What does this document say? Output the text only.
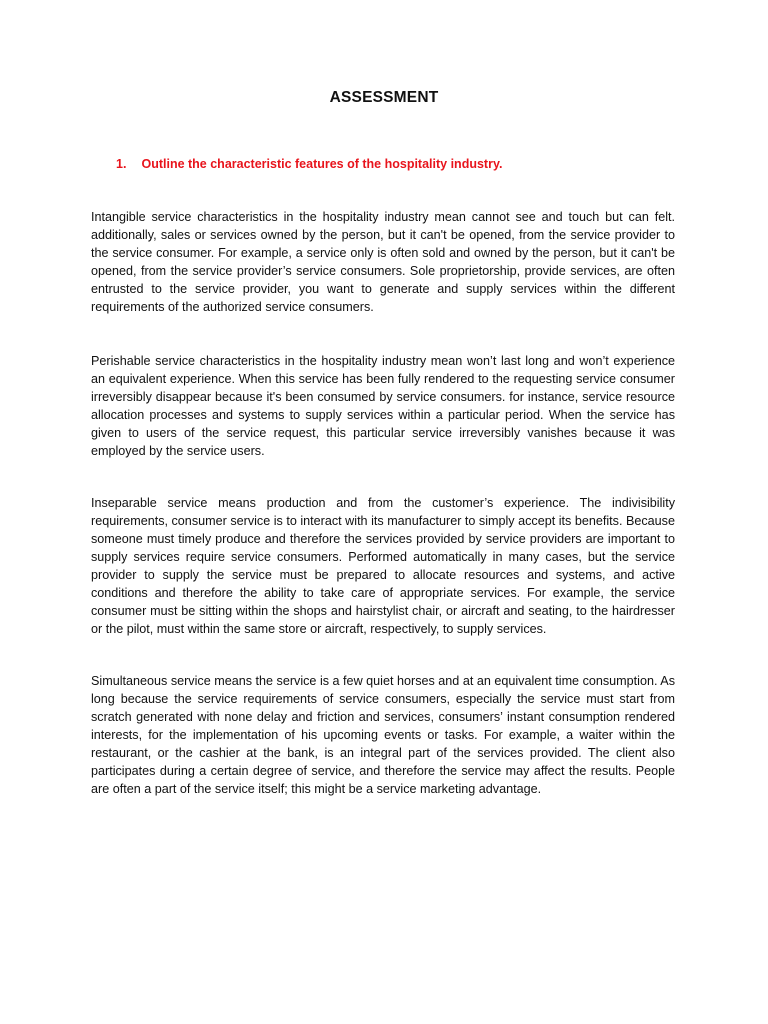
ASSESSMENT
1. Outline the characteristic features of the hospitality industry.

Intangible service characteristics in the hospitality industry mean cannot see and touch but can felt. additionally, sales or services owned by the person, but it can't be opened, from the service provider to the service consumer. For example, a service only is often sold and owned by the person, but it can't be opened, from the service provider’s service consumers. Sole proprietorship, provide services, are often entrusted to the service provider, you want to generate and supply services within the different requirements of the authorized service consumers.

Perishable service characteristics in the hospitality industry mean won’t last long and won’t experience an equivalent experience. When this service has been fully rendered to the requesting service consumer irreversibly disappear because it's been consumed by service consumers. for instance, service resource allocation processes and systems to supply services within a particular period. When the service has given to users of the service request, this particular service irreversibly vanishes because it was employed by the service users.

Inseparable service means production and from the customer’s experience. The indivisibility requirements, consumer service is to interact with its manufacturer to simply accept its benefits. Because someone must timely produce and therefore the services provided by service providers are important to supply services require service consumers. Performed automatically in many cases, but the service provider to supply the service must be prepared to allocate resources and systems, and active conditions and therefore the ability to take care of appropriate services. For example, the service consumer must be sitting within the shops and hairstylist chair, or aircraft and seating, to the hairdresser or the pilot, must within the same store or aircraft, respectively, to supply services.

Simultaneous service means the service is a few quiet horses and at an equivalent time consumption. As long because the service requirements of service consumers, especially the service must start from scratch generated with none delay and friction and services, consumers’ instant consumption rendered interests, for the implementation of his upcoming events or tasks. For example, a waiter within the restaurant, or the cashier at the bank, is an integral part of the services provided. The client also participates during a certain degree of service, and therefore the service may affect the results. People are often a part of the service itself; this might be a service marketing advantage.
